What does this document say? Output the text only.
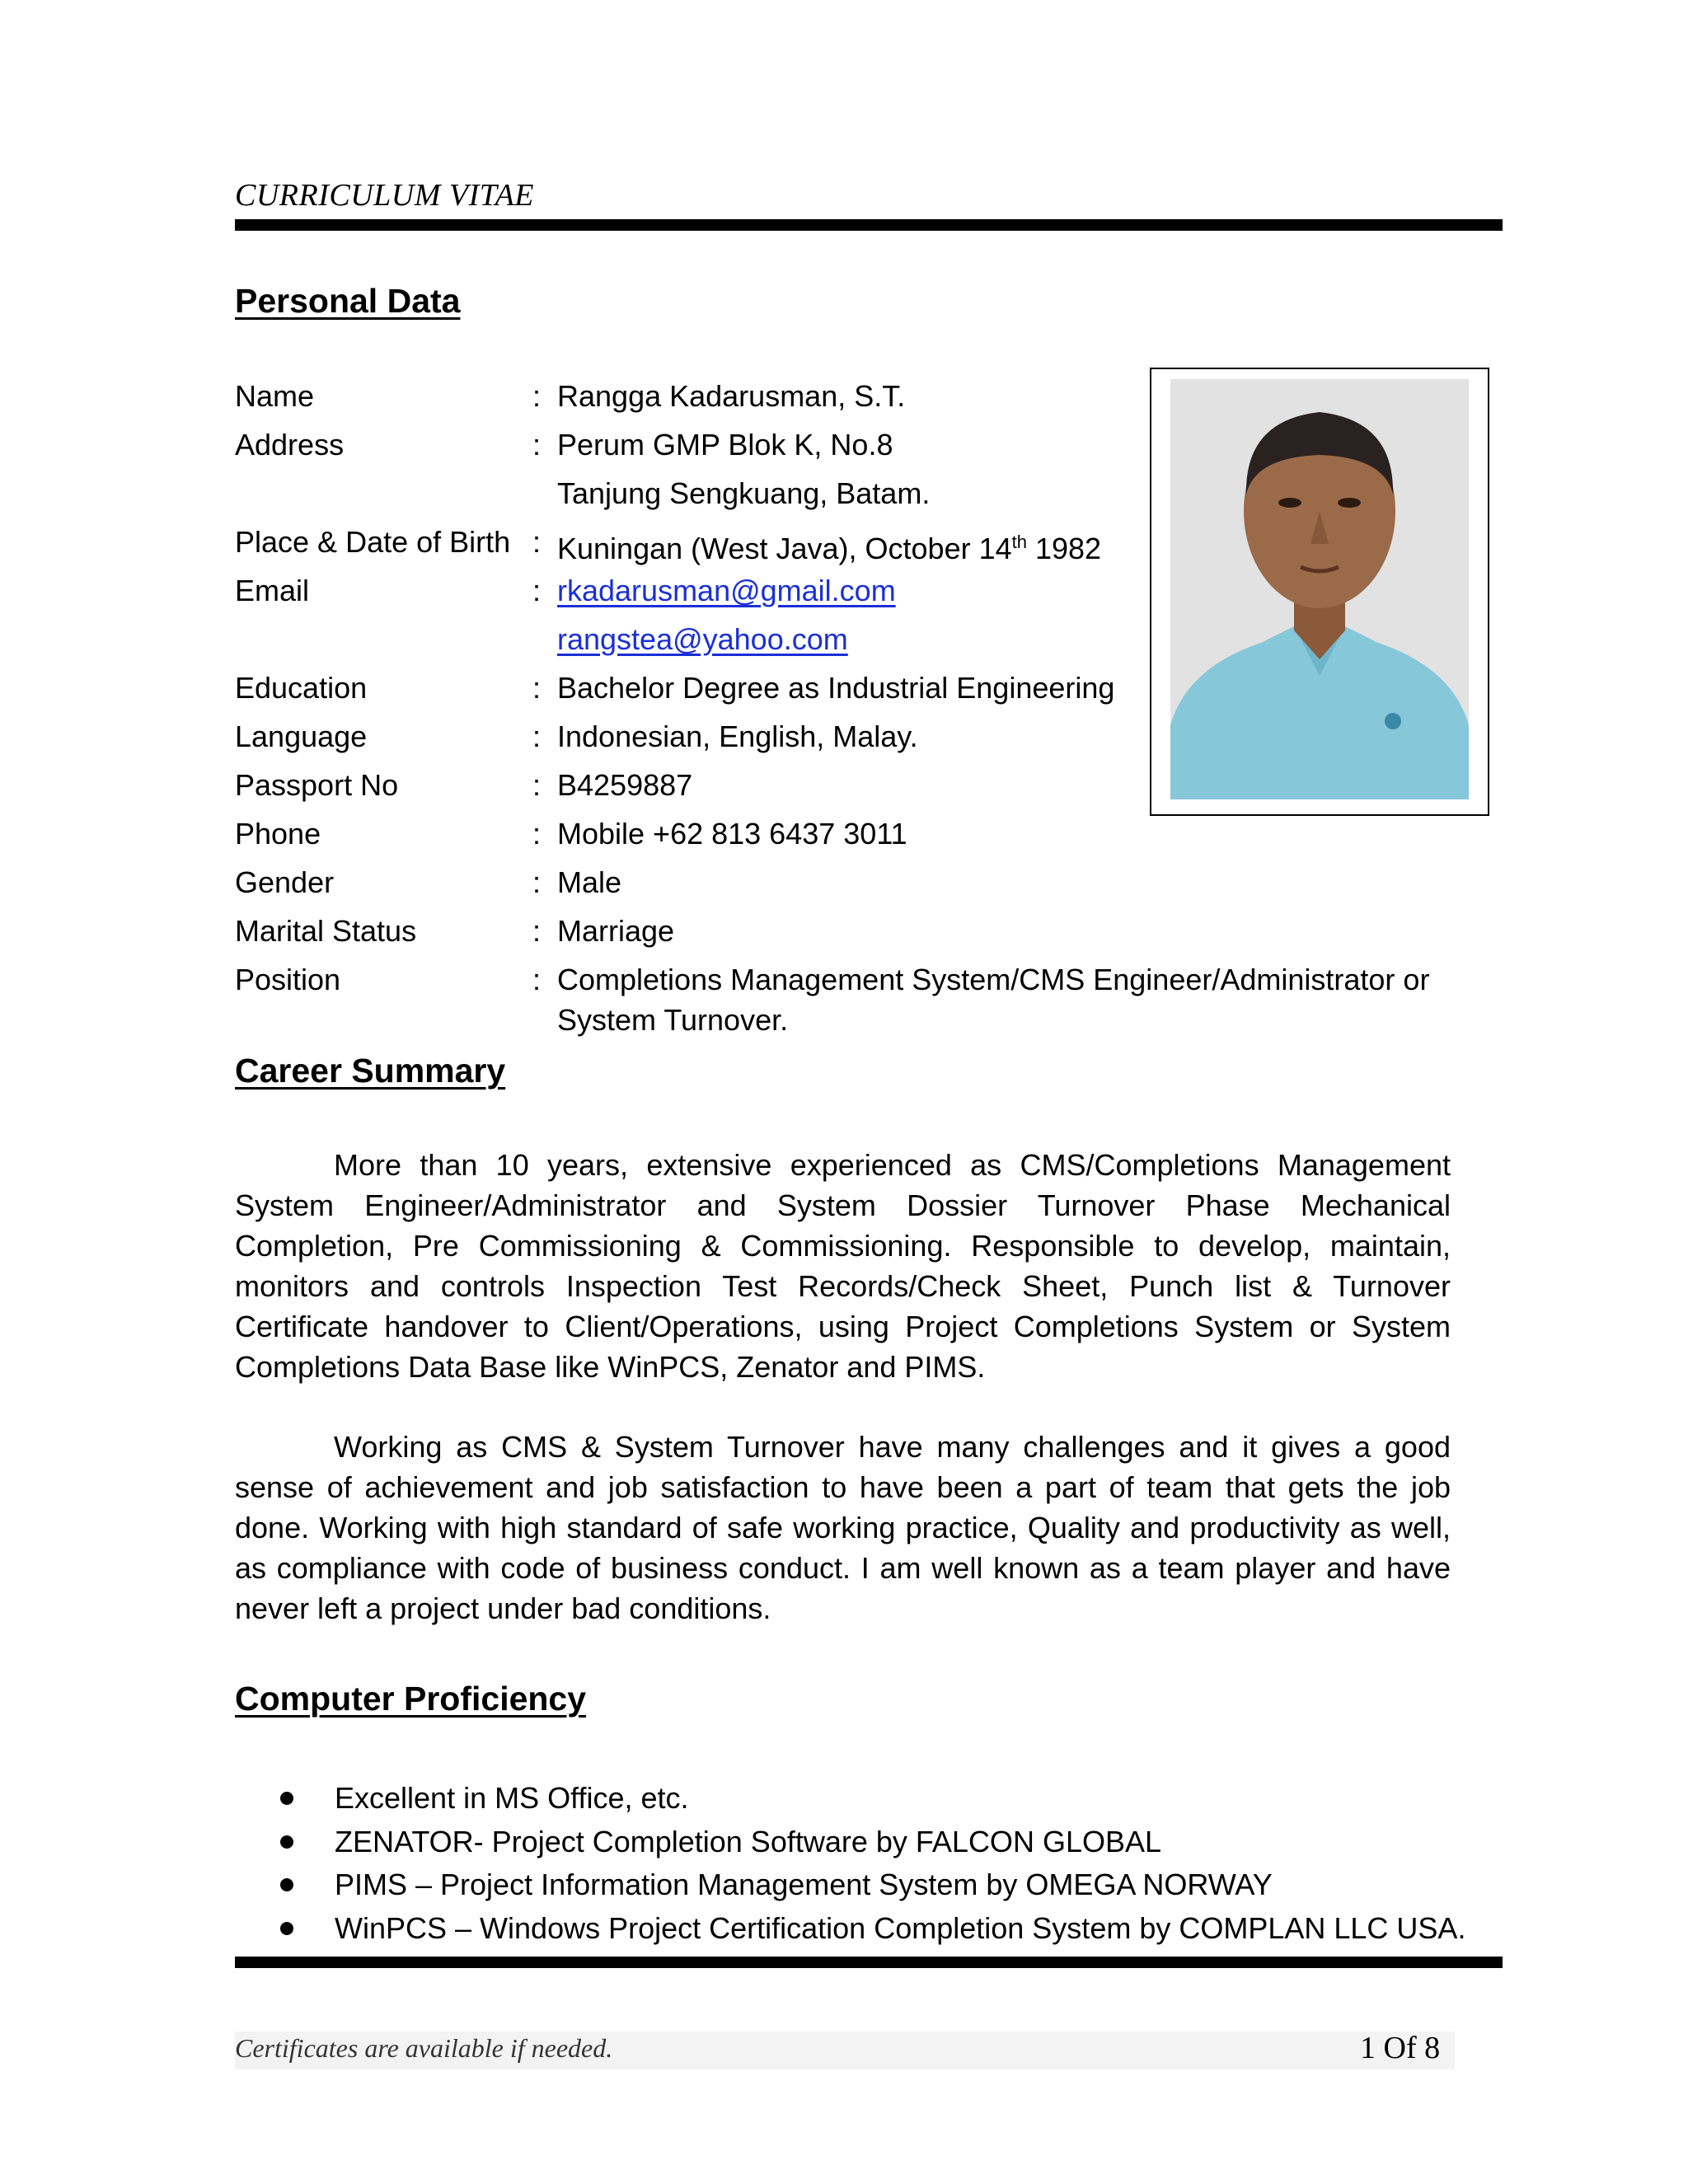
CURRICULUM VITAE
Personal Data
Name	: Rangga Kadarusman, S.T.
Address	: Perum GMP Blok K, No.8
Tanjung Sengkuang, Batam.
Place & Date of Birth : Kuningan (West Java), October 14th 1982
Email	: rkadarusman@gmail.com
rangstea@yahoo.com
Education	: Bachelor Degree as Industrial Engineering
Language	: Indonesian, English, Malay.
Passport No	: B4259887
Phone	: Mobile +62 813 6437 3011
Gender	: Male
Marital Status	: Marriage
Position	: Completions Management System/CMS Engineer/Administrator or System Turnover.
Career Summary
More than 10 years, extensive experienced as CMS/Completions Management System Engineer/Administrator and System Dossier Turnover Phase Mechanical Completion, Pre Commissioning & Commissioning. Responsible to develop, maintain, monitors and controls Inspection Test Records/Check Sheet, Punch list & Turnover Certificate handover to Client/Operations, using Project Completions System or System Completions Data Base like WinPCS, Zenator and PIMS.
Working as CMS & System Turnover have many challenges and it gives a good sense of achievement and job satisfaction to have been a part of team that gets the job done. Working with high standard of safe working practice, Quality and productivity as well, as compliance with code of business conduct. I am well known as a team player and have never left a project under bad conditions.
Computer Proficiency
Excellent in MS Office, etc.
ZENATOR- Project Completion Software by FALCON GLOBAL
PIMS – Project Information Management System by OMEGA NORWAY
WinPCS – Windows Project Certification Completion System by COMPLAN LLC USA.
Certificates are available if needed.	1 Of 8
